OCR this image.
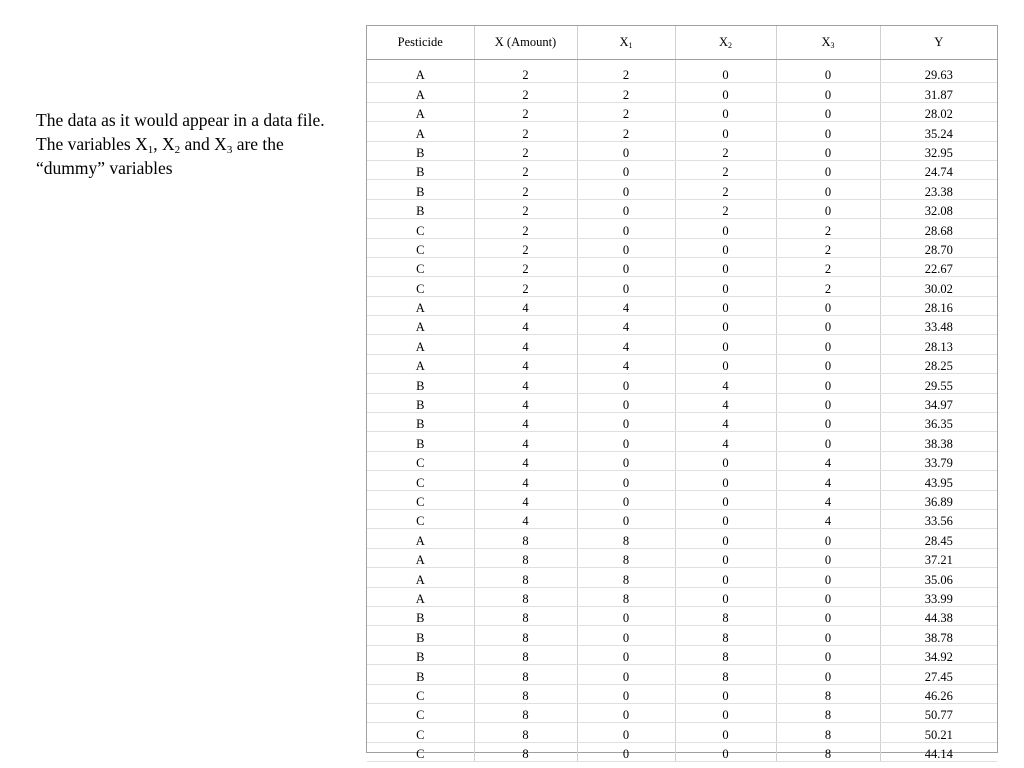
The data as it would appear in a data file.

The variables $X_1$, $X_2$ and $X_3$ are the “dummy” variables

Pesticide	X (Amount)	$X_1$	$X_2$	$X_3$	Y

A	2	2	0	0	29.63
A	2	2	0	0	31.87
A	2	2	0	0	28.02
A	2	2	0	0	35.24
B	2	0	2	0	32.95
B	2	0	2	0	24.74
B	2	0	2	0	23.38
B	2	0	2	0	32.08
C	2	0	0	2	28.68
C	2	0	0	2	28.70
C	2	0	0	2	22.67
C	2	0	0	2	30.02
A	4	4	0	0	28.16
A	4	4	0	0	33.48
A	4	4	0	0	28.13
A	4	4	0	0	28.25
B	4	0	4	0	29.55
B	4	0	4	0	34.97
B	4	0	4	0	36.35
B	4	0	4	0	38.38
C	4	0	0	4	33.79
C	4	0	0	4	43.95
C	4	0	0	4	36.89
C	4	0	0	4	33.56
A	8	8	0	0	28.45
A	8	8	0	0	37.21
A	8	8	0	0	35.06
A	8	8	0	0	33.99
B	8	0	8	0	44.38
B	8	0	8	0	38.78
B	8	0	8	0	34.92
B	8	0	8	0	27.45
C	8	0	0	8	46.26
C	8	0	0	8	50.77
C	8	0	0	8	50.21
C	8	0	0	8	44.14
